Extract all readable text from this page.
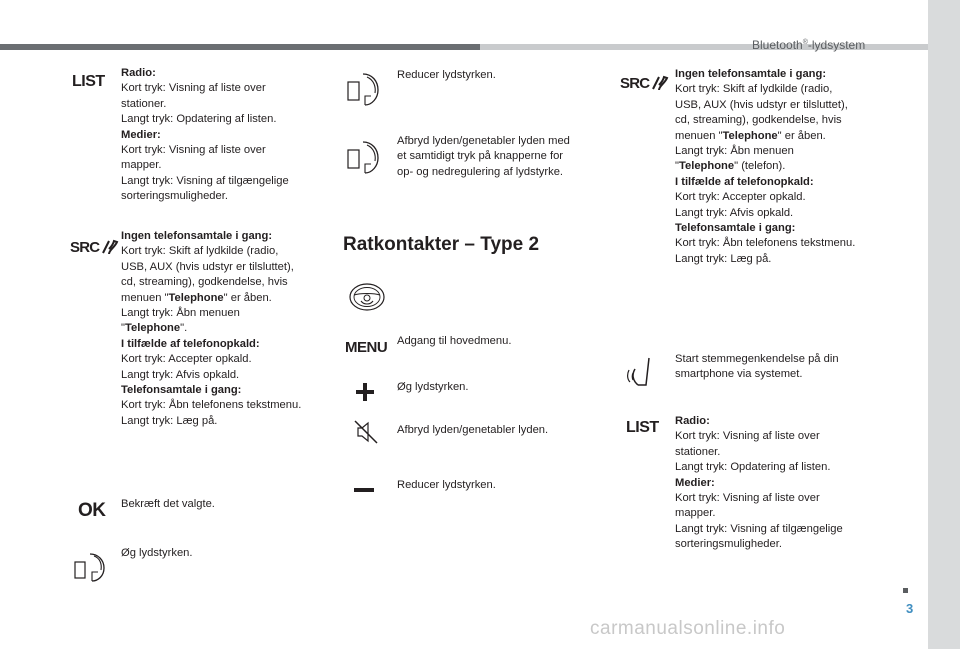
Bluetooth®-lydsystem
3
LIST Radio:
Kort tryk: Visning af liste over
stationer.
Langt tryk: Opdatering af listen.
Medier:
Kort tryk: Visning af liste over
mapper.
Langt tryk: Visning af tilgængelige
sorteringsmuligheder.
SRC
Ingen telefonsamtale i gang:
Kort tryk: Skift af lydkilde (radio,
USB, AUX (hvis udstyr er tilsluttet),
cd, streaming), godkendelse, hvis
menuen "Telephone" er åben.
Langt tryk: Åbn menuen
"Telephone".
I tilfælde af telefonopkald:
Kort tryk: Accepter opkald.
Langt tryk: Afvis opkald.
Telefonsamtale i gang:
Kort tryk: Åbn telefonens tekstmenu.
Langt tryk: Læg på.
OK Bekræft det valgte.
Øg lydstyrken.
Reducer lydstyrken.
Afbryd lyden/genetabler lyden med
et samtidigt tryk på knapperne for
op- og nedregulering af lydstyrke.
Ratkontakter – Type 2
MENU Adgang til hovedmenu.
Øg lydstyrken.
Afbryd lyden/genetabler lyden.
Reducer lydstyrken.
SRC
Ingen telefonsamtale i gang:
Kort tryk: Skift af lydkilde (radio,
USB, AUX (hvis udstyr er tilsluttet),
cd, streaming), godkendelse, hvis
menuen "Telephone" er åben.
Langt tryk: Åbn menuen
"Telephone" (telefon).
I tilfælde af telefonopkald:
Kort tryk: Accepter opkald.
Langt tryk: Afvis opkald.
Telefonsamtale i gang:
Kort tryk: Åbn telefonens tekstmenu.
Langt tryk: Læg på.
Start stemmegenkendelse på din
smartphone via systemet.
LIST Radio:
Kort tryk: Visning af liste over
stationer.
Langt tryk: Opdatering af listen.
Medier:
Kort tryk: Visning af liste over
mapper.
Langt tryk: Visning af tilgængelige
sorteringsmuligheder.
carmanualsonline.info
